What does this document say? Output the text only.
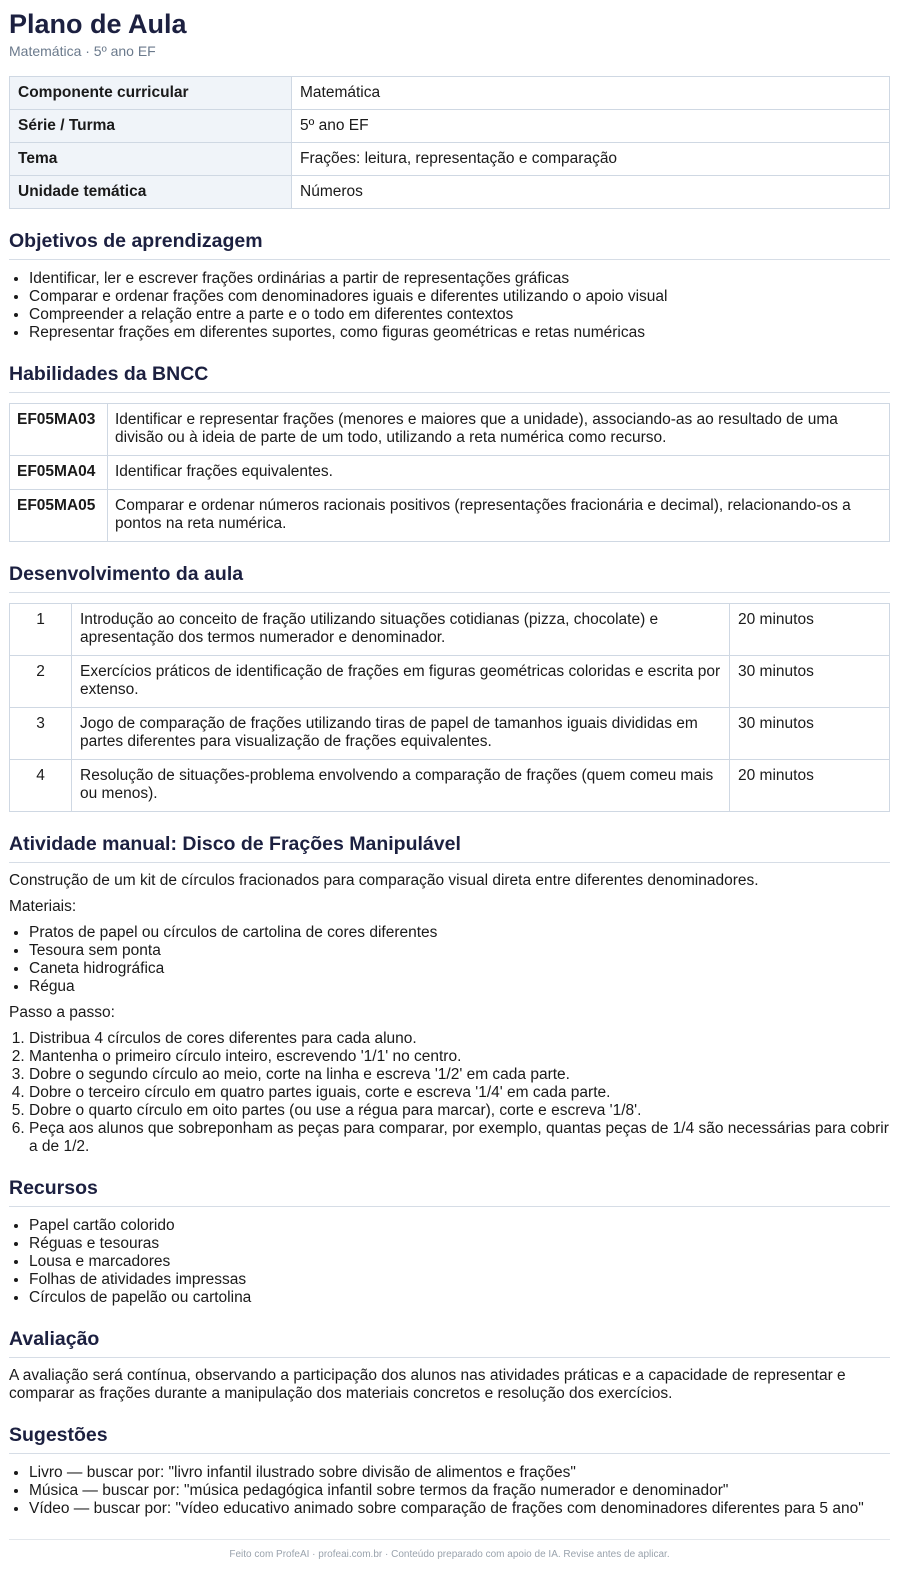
Plano de Aula
Matemática · 5º ano EF
Componente curricular	Matemática
Série / Turma	5º ano EF
Tema	Frações: leitura, representação e comparação
Unidade temática	Números
Objetivos de aprendizagem
• Identificar, ler e escrever frações ordinárias a partir de representações gráficas
• Comparar e ordenar frações com denominadores iguais e diferentes utilizando o apoio visual
• Compreender a relação entre a parte e o todo em diferentes contextos
• Representar frações em diferentes suportes, como figuras geométricas e retas numéricas
Habilidades da BNCC
EF05MA03	Identificar e representar frações (menores e maiores que a unidade), associando-as ao resultado de uma divisão ou à ideia de parte de um todo, utilizando a reta numérica como recurso.
EF05MA04	Identificar frações equivalentes.
EF05MA05	Comparar e ordenar números racionais positivos (representações fracionária e decimal), relacionando-os a pontos na reta numérica.
Desenvolvimento da aula
1	Introdução ao conceito de fração utilizando situações cotidianas (pizza, chocolate) e apresentação dos termos numerador e denominador.	20 minutos
2	Exercícios práticos de identificação de frações em figuras geométricas coloridas e escrita por extenso.	30 minutos
3	Jogo de comparação de frações utilizando tiras de papel de tamanhos iguais divididas em partes diferentes para visualização de frações equivalentes.	30 minutos
4	Resolução de situações-problema envolvendo a comparação de frações (quem comeu mais ou menos).	20 minutos
Atividade manual: Disco de Frações Manipulável

Construção de um kit de círculos fracionados para comparação visual direta entre diferentes denominadores.

Materiais:

• Pratos de papel ou círculos de cartolina de cores diferentes
• Tesoura sem ponta
• Caneta hidrográfica
• Régua

Passo a passo:

1. Distribua 4 círculos de cores diferentes para cada aluno.
2. Mantenha o primeiro círculo inteiro, escrevendo '1/1' no centro.
3. Dobre o segundo círculo ao meio, corte na linha e escreva '1/2' em cada parte.
4. Dobre o terceiro círculo em quatro partes iguais, corte e escreva '1/4' em cada parte.
5. Dobre o quarto círculo em oito partes (ou use a régua para marcar), corte e escreva '1/8'.
6. Peça aos alunos que sobreponham as peças para comparar, por exemplo, quantas peças de 1/4 são necessárias para cobrir a de 1/2.
Recursos
• Papel cartão colorido
• Réguas e tesouras
• Lousa e marcadores
• Folhas de atividades impressas
• Círculos de papelão ou cartolina
Avaliação

A avaliação será contínua, observando a participação dos alunos nas atividades práticas e a capacidade de representar e comparar as frações durante a manipulação dos materiais concretos e resolução dos exercícios.

Sugestões
• Livro — buscar por: "livro infantil ilustrado sobre divisão de alimentos e frações"
• Música — buscar por: "música pedagógica infantil sobre termos da fração numerador e denominador"
• Vídeo — buscar por: "vídeo educativo animado sobre comparação de frações com denominadores diferentes para 5 ano"
Feito com ProfeAI · profeai.com.br · Conteúdo preparado com apoio de IA. Revise antes de aplicar.
